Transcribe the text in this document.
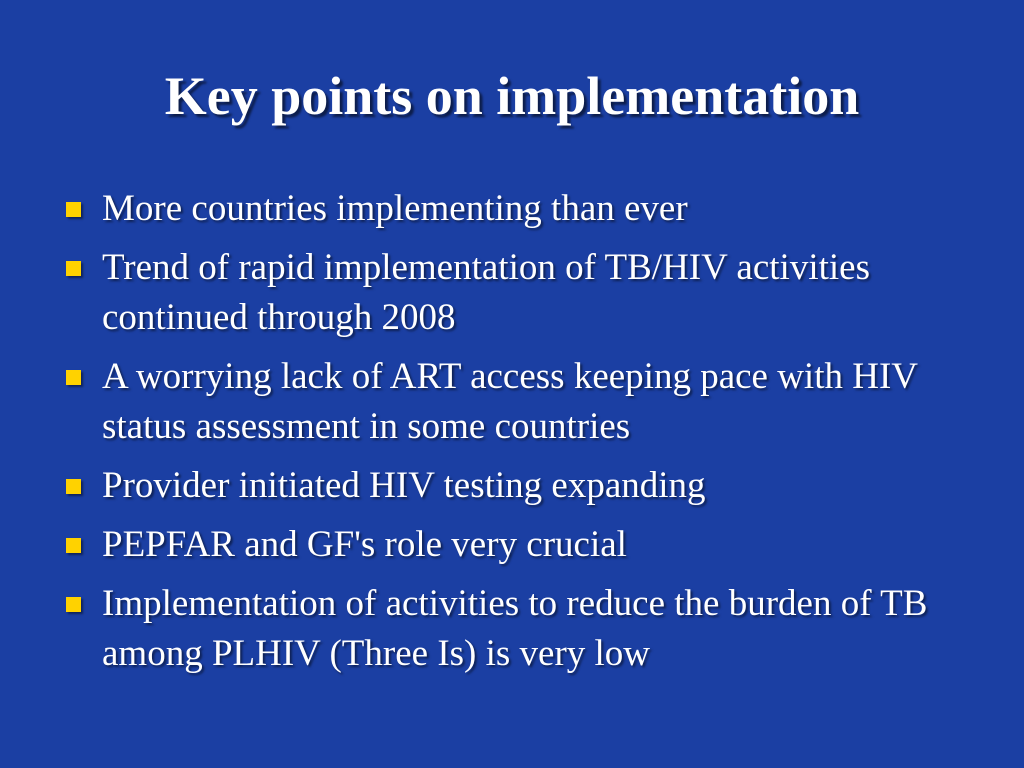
Key points on implementation
More countries implementing than ever
Trend of rapid implementation of TB/HIV activities continued through 2008
A worrying lack of ART access keeping pace with HIV status assessment in some countries
Provider initiated HIV testing expanding
PEPFAR and GF's role very crucial
Implementation of activities to reduce the burden of TB among PLHIV (Three Is) is very low
